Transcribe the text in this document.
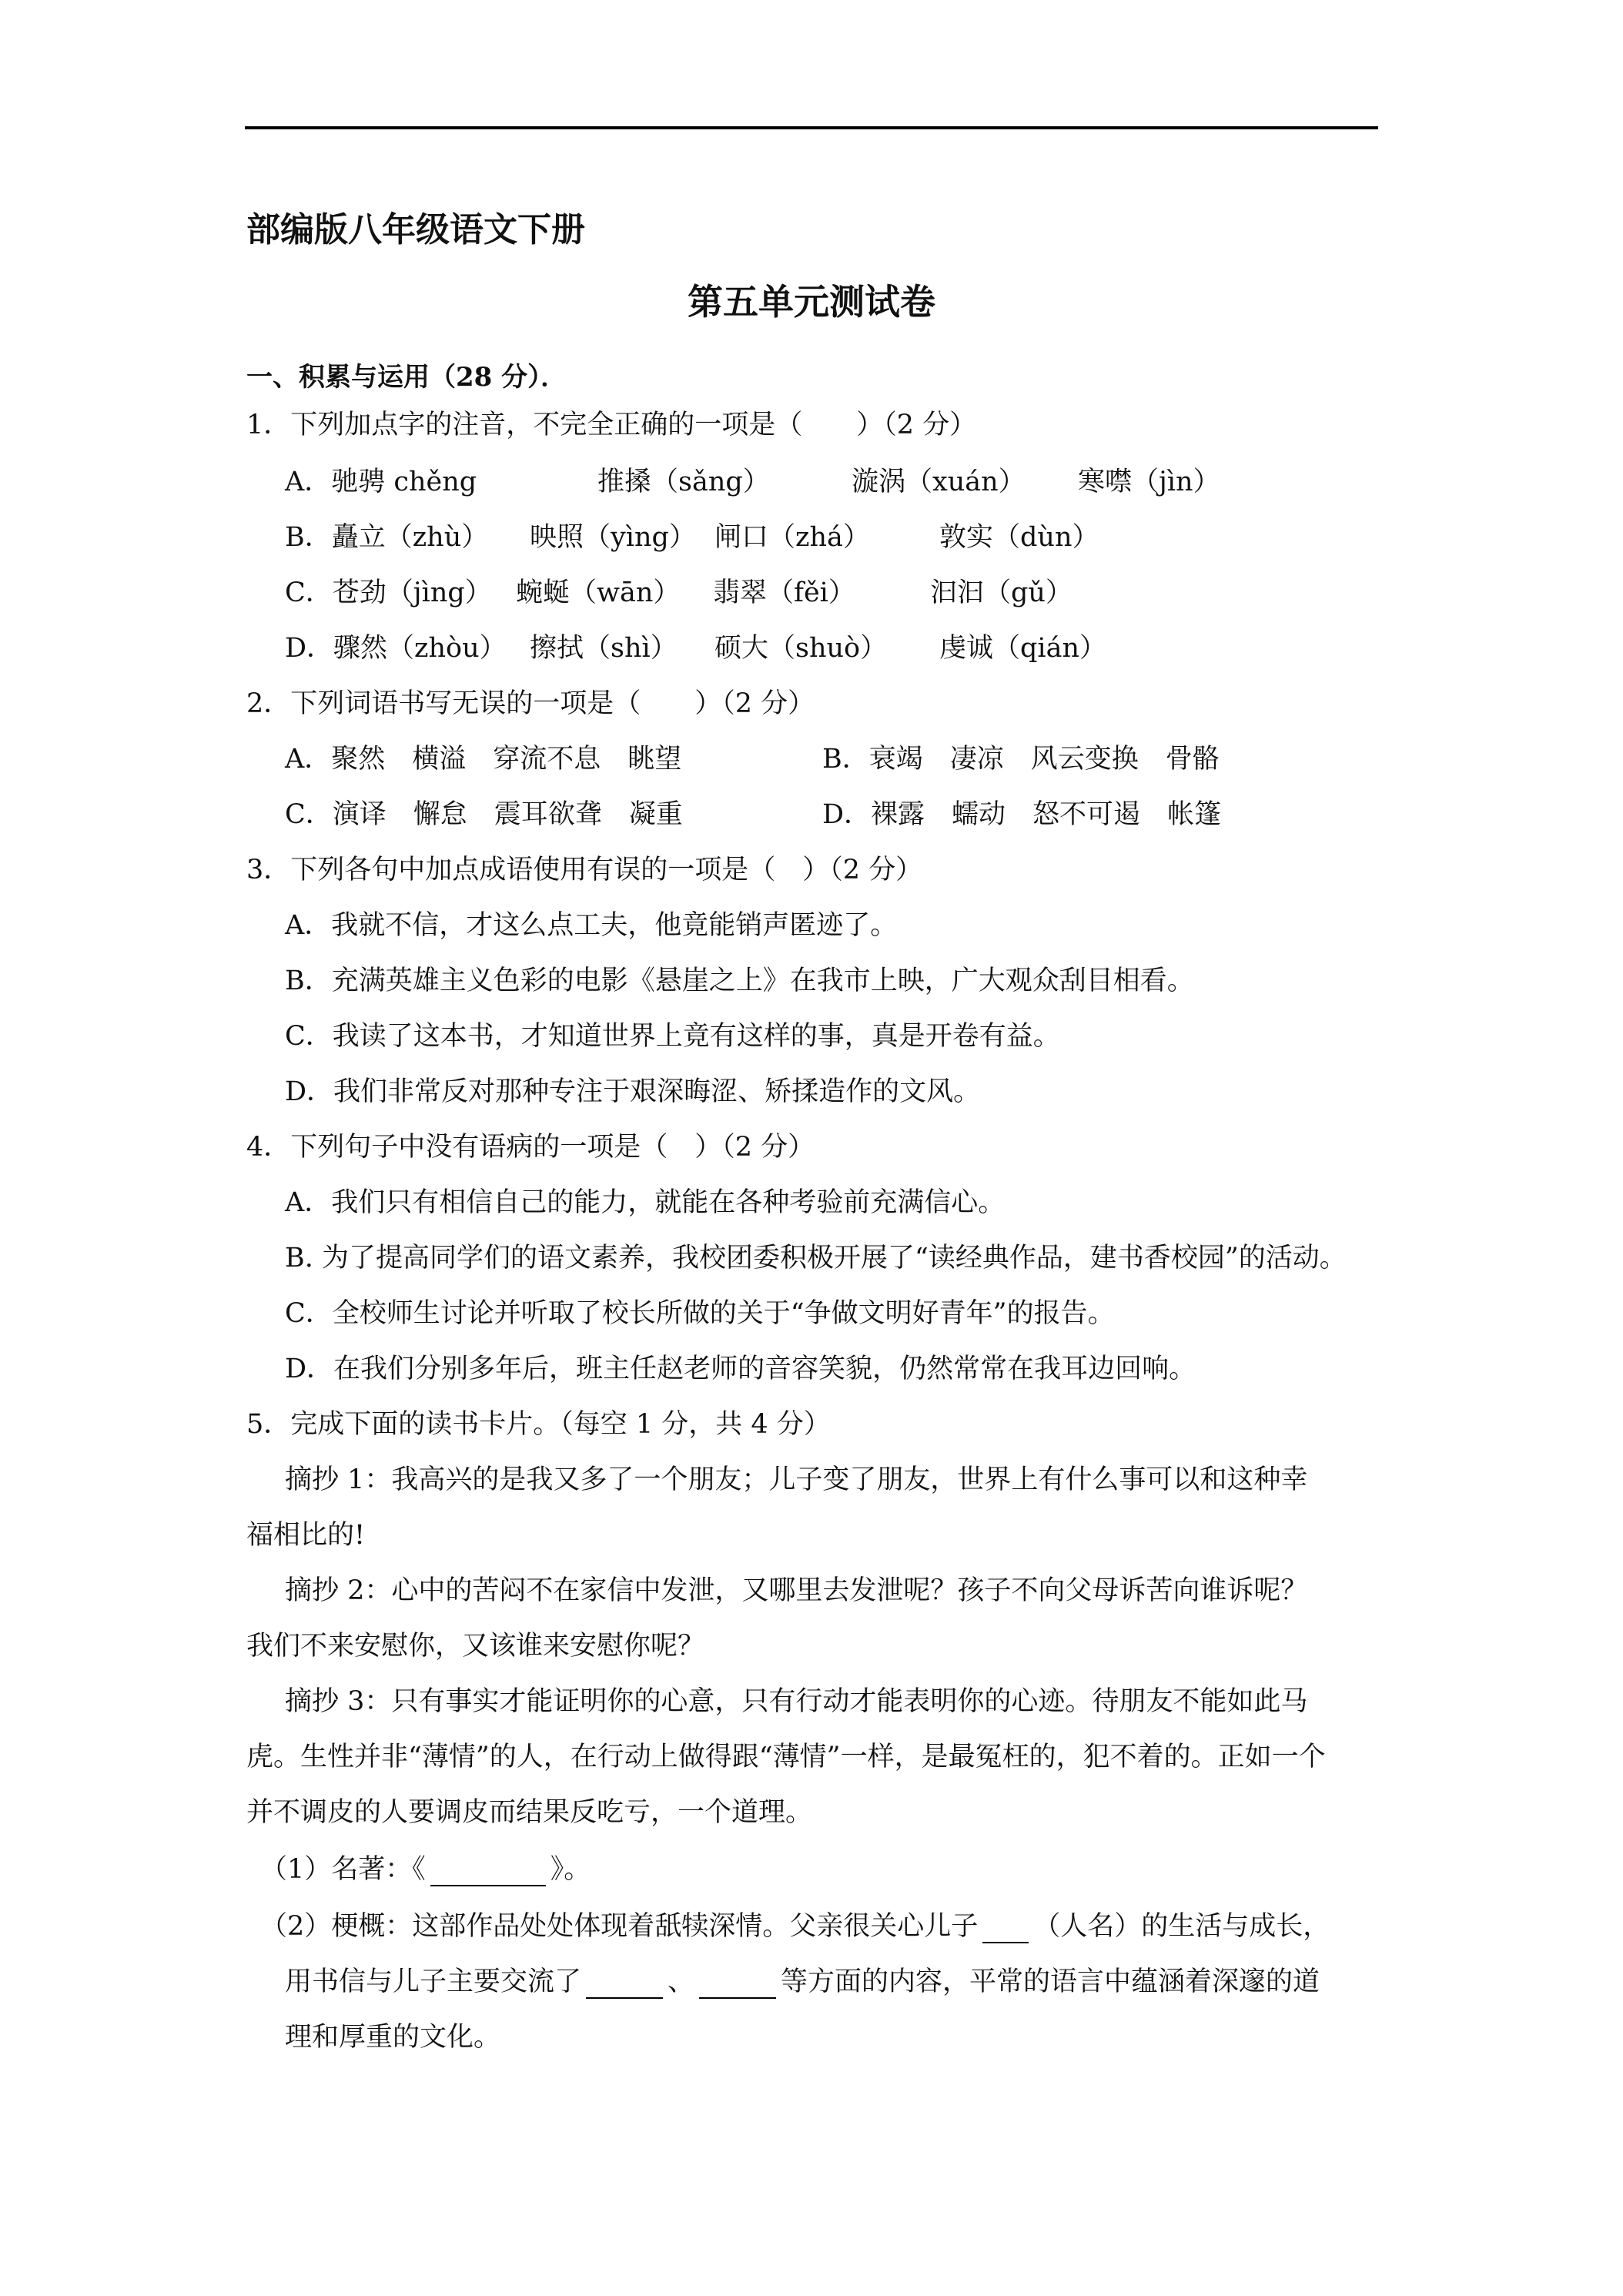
部编版八年级语文下册
第五单元测试卷
一、积累与运用（28 分）．
1．下列加点字的注音，不完全正确的一项是（　　）（2 分）
A．驰骋 chěng	推搡（sǎng）	漩涡（xuán） 寒噤（jìn）
B．矗立（zhù） 映照（yìng） 闸口（zhá）	敦实（dùn）
C．苍劲（jìng） 蜿蜒（wān） 翡翠（fěi）	汩汩（gǔ）
D．骤然（zhòu） 擦拭（shì） 硕大（shuò） 虔诚（qián）
2．下列词语书写无误的一项是（　　）（2 分）
A．聚然　横溢　穿流不息　眺望	B．衰竭　凄凉　风云变换　骨骼
C．演译　懈怠　震耳欲聋　凝重	D．裸露　蠕动　怒不可遏　帐篷
3．下列各句中加点成语使用有误的一项是（　）（2 分）
A．我就不信，才这么点工夫，他竟能销声匿迹了。
B．充满英雄主义色彩的电影《悬崖之上》在我市上映，广大观众刮目相看。
C．我读了这本书，才知道世界上竟有这样的事，真是开卷有益。
D．我们非常反对那种专注于艰深晦涩、矫揉造作的文风。
4．下列句子中没有语病的一项是（　）（2 分）
A．我们只有相信自己的能力，就能在各种考验前充满信心。
B. 为了提高同学们的语文素养，我校团委积极开展了“读经典作品，建书香校园”的活动。
C．全校师生讨论并听取了校长所做的关于“争做文明好青年”的报告。
D．在我们分别多年后，班主任赵老师的音容笑貌，仍然常常在我耳边回响。
5．完成下面的读书卡片。（每空 1 分，共 4 分）
摘抄 1：我高兴的是我又多了一个朋友；儿子变了朋友，世界上有什么事可以和这种幸
福相比的!
摘抄 2：心中的苦闷不在家信中发泄，又哪里去发泄呢？孩子不向父母诉苦向谁诉呢？
我们不来安慰你，又该谁来安慰你呢？
摘抄 3：只有事实才能证明你的心意，只有行动才能表明你的心迹。待朋友不能如此马
虎。生性并非“薄情”的人，在行动上做得跟“薄情”一样，是最冤枉的，犯不着的。正如一个
并不调皮的人要调皮而结果反吃亏，一个道理。
（1）名著：《	》。
（2）梗概：这部作品处处体现着舐犊深情。父亲很关心儿子 （人名）的生活与成长，
用书信与儿子主要交流了	、	等方面的内容，平常的语言中蕴涵着深邃的道
理和厚重的文化。
